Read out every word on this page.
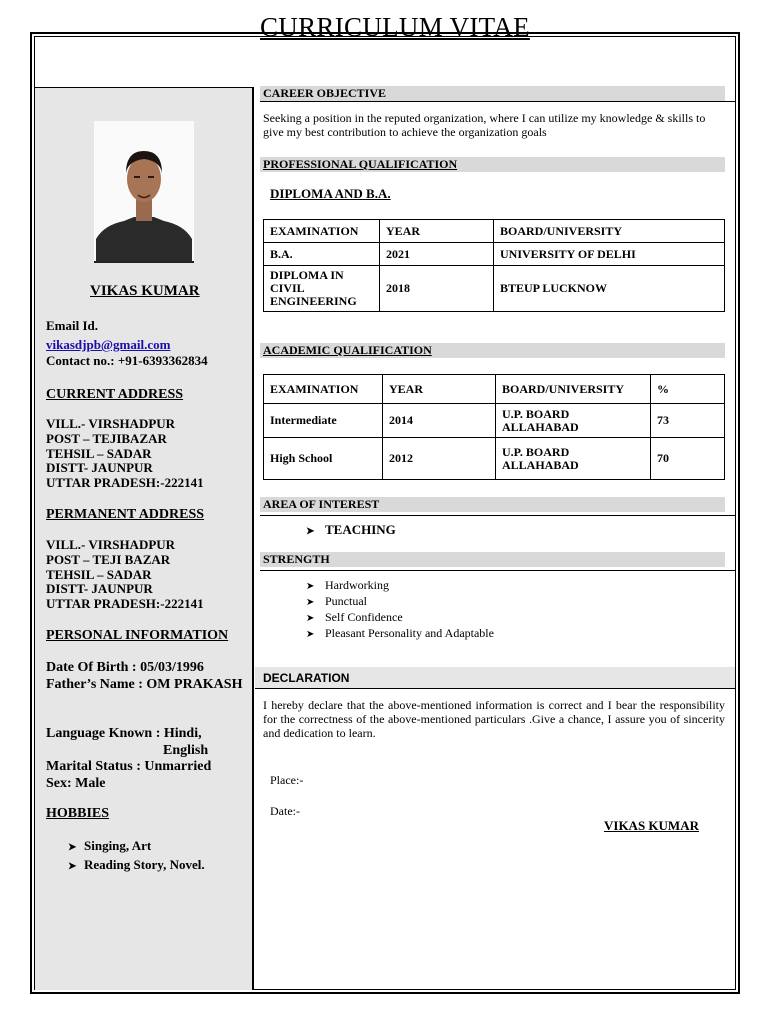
CURRICULUM VITAE
VIKAS KUMAR
Email Id.
vikasdjpb@gmail.com
Contact no.: +91-6393362834
CURRENT ADDRESS
VILL.- VIRSHADPUR
POST – TEJIBAZAR
TEHSIL – SADAR
DISTT- JAUNPUR
UTTAR PRADESH:-222141
PERMANENT ADDRESS
VILL.- VIRSHADPUR
POST – TEJI BAZAR
TEHSIL – SADAR
DISTT- JAUNPUR
UTTAR PRADESH:-222141
PERSONAL INFORMATION
Date Of Birth : 05/03/1996
Father’s Name : OM PRAKASH
Language Known : Hindi,
English
Marital Status : Unmarried
Sex: Male
HOBBIES
➤ Singing, Art
➤ Reading Story, Novel.
CAREER OBJECTIVE
Seeking a position in the reputed organization, where I can utilize my knowledge & skills to give my best contribution to achieve the organization goals
PROFESSIONAL QUALIFICATION
DIPLOMA AND B.A.
EXAMINATION	YEAR	BOARD/UNIVERSITY
B.A.	2021	UNIVERSITY OF DELHI
DIPLOMA IN CIVIL ENGINEERING	2018	BTEUP LUCKNOW
ACADEMIC QUALIFICATION
EXAMINATION	YEAR	BOARD/UNIVERSITY	%
Intermediate	2014	U.P. BOARD ALLAHABAD	73
High School	2012	U.P. BOARD ALLAHABAD	70
AREA OF INTEREST
➤ TEACHING
STRENGTH
➤ Hardworking
➤ Punctual
➤ Self Confidence
➤ Pleasant Personality and Adaptable
DECLARATION
I hereby declare that the above-mentioned information is correct and I bear the responsibility for the correctness of the above-mentioned particulars .Give a chance, I assure you of sincerity and dedication to learn.
Place:-
Date:-
VIKAS KUMAR
